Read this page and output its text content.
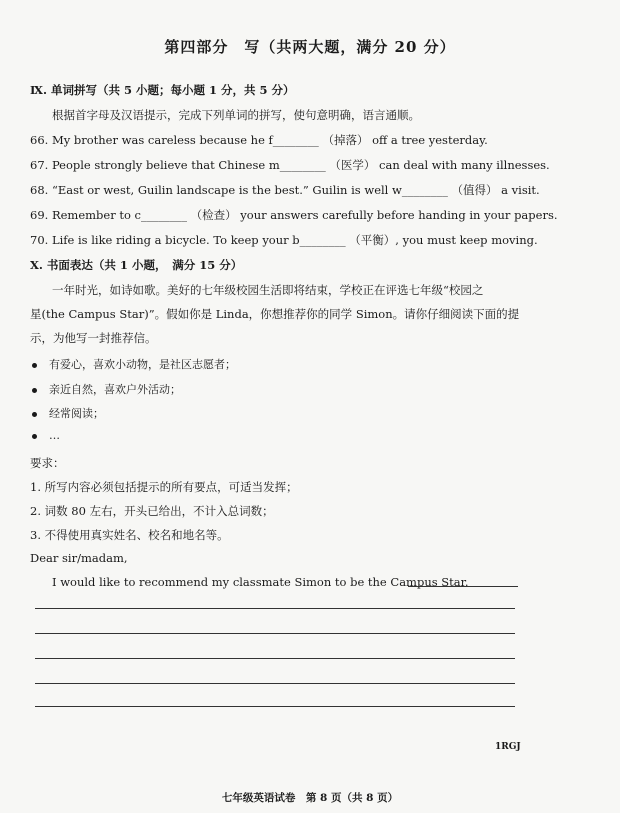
第四部分　写（共两大题，满分 20 分）
Ⅸ. 单词拼写（共 5 小题；每小题 1 分，共 5 分）
根据首字母及汉语提示，完成下列单词的拼写，使句意明确，语言通顺。
66. My brother was careless because he f________ （掉落） off a tree yesterday.
67. People strongly believe that Chinese m________ （医学） can deal with many illnesses.
68. “East or west, Guilin landscape is the best.” Guilin is well w________ （值得） a visit.
69. Remember to c________ （检查） your answers carefully before handing in your papers.
70. Life is like riding a bicycle. To keep your b________ （平衡）, you must keep moving.
Ⅹ. 书面表达（共 1 小题，　满分 15 分）
一年时光，如诗如歌。美好的七年级校园生活即将结束，学校正在评选七年级“校园之
星(the Campus Star)”。假如你是 Linda，你想推荐你的同学 Simon。请你仔细阅读下面的提
示，为他写一封推荐信。
有爱心，喜欢小动物，是社区志愿者；
亲近自然，喜欢户外活动；
经常阅读；
…
要求：
1. 所写内容必须包括提示的所有要点，可适当发挥；
2. 词数 80 左右，开头已给出，不计入总词数；
3. 不得使用真实姓名、校名和地名等。
Dear sir/madam,
I would like to recommend my classmate Simon to be the Campus Star.
1RGJ
七年级英语试卷　第 8 页（共 8 页）
